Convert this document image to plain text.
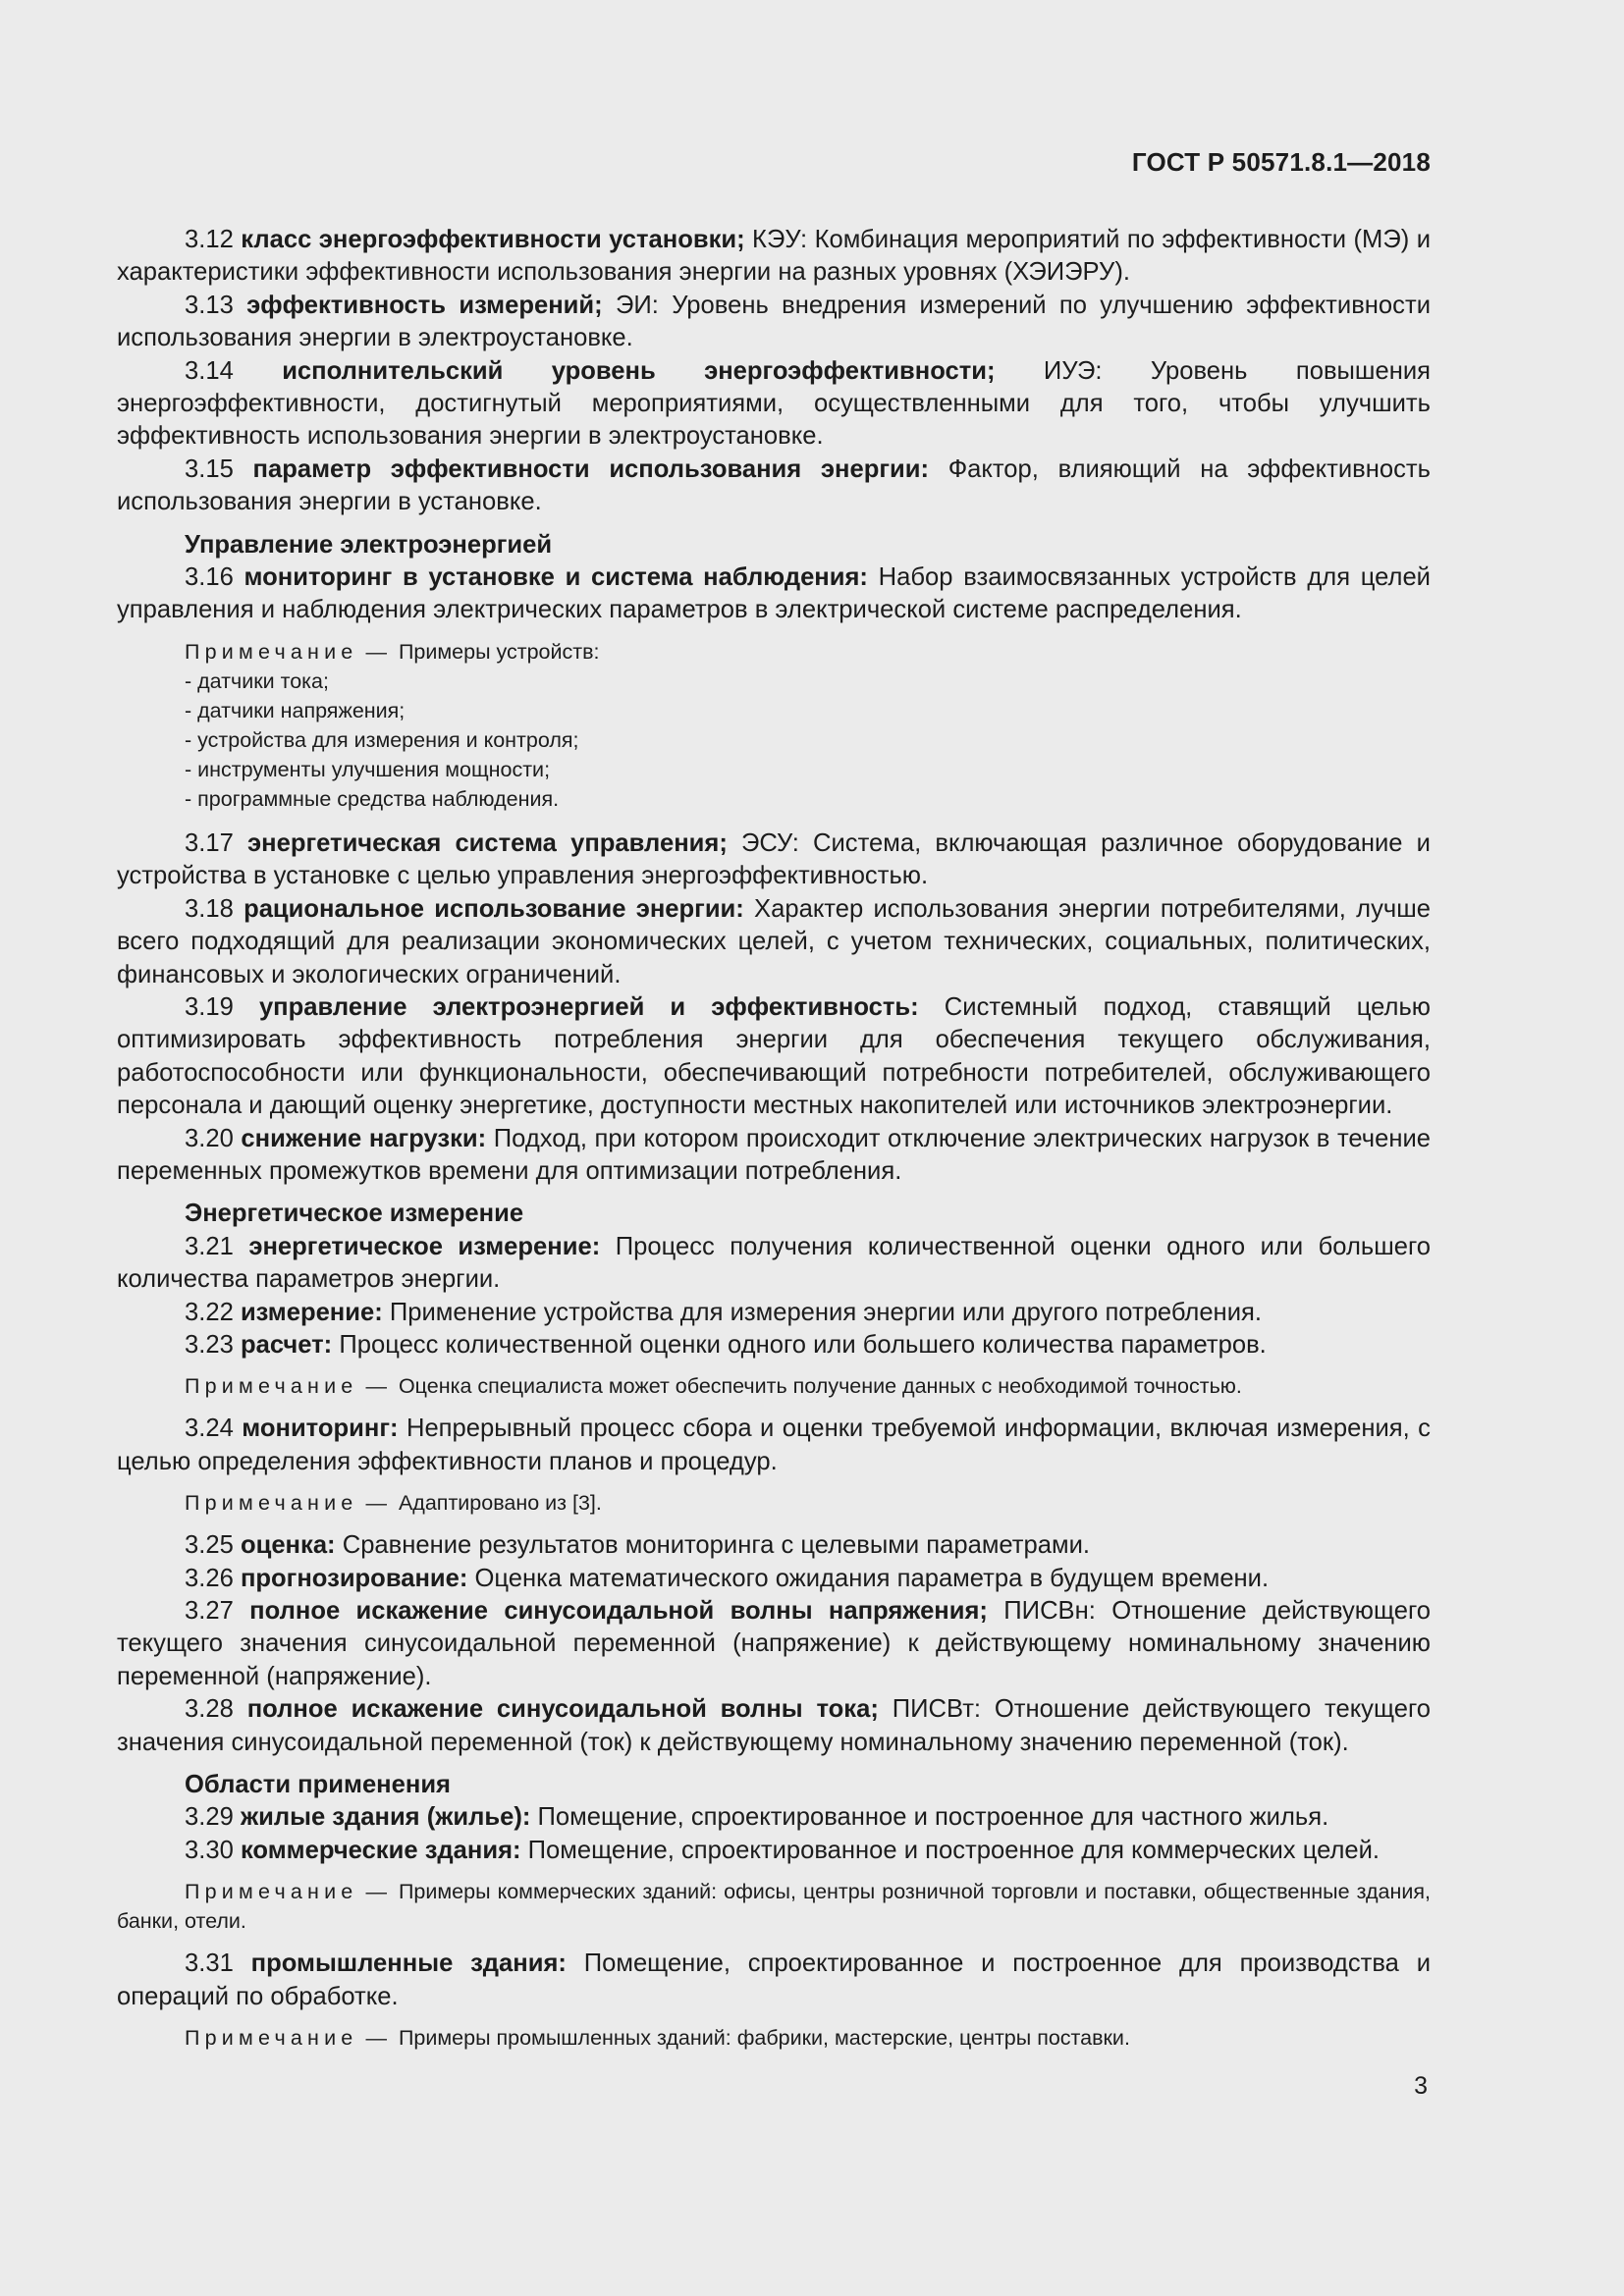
ГОСТ Р 50571.8.1—2018

3.12 класс энергоэффективности установки; КЭУ: Комбинация мероприятий по эффективности (МЭ) и характеристики эффективности использования энергии на разных уровнях (ХЭИЭРУ).

3.13 эффективность измерений; ЭИ: Уровень внедрения измерений по улучшению эффективности использования энергии в электроустановке.

3.14 исполнительский уровень энергоэффективности; ИУЭ: Уровень повышения энергоэффективности, достигнутый мероприятиями, осуществленными для того, чтобы улучшить эффективность использования энергии в электроустановке.

3.15 параметр эффективности использования энергии: Фактор, влияющий на эффективность использования энергии в установке.

Управление электроэнергией

3.16 мониторинг в установке и система наблюдения: Набор взаимосвязанных устройств для целей управления и наблюдения электрических параметров в электрической системе распределения.

Примечание — Примеры устройств:

- датчики тока;
- датчики напряжения;
- устройства для измерения и контроля;
- инструменты улучшения мощности;
- программные средства наблюдения.

3.17 энергетическая система управления; ЭСУ: Система, включающая различное оборудование и устройства в установке с целью управления энергоэффективностью.

3.18 рациональное использование энергии: Характер использования энергии потребителями, лучше всего подходящий для реализации экономических целей, с учетом технических, социальных, политических, финансовых и экологических ограничений.

3.19 управление электроэнергией и эффективность: Системный подход, ставящий целью оптимизировать эффективность потребления энергии для обеспечения текущего обслуживания, работоспособности или функциональности, обеспечивающий потребности потребителей, обслуживающего персонала и дающий оценку энергетике, доступности местных накопителей или источников электроэнергии.

3.20 снижение нагрузки: Подход, при котором происходит отключение электрических нагрузок в течение переменных промежутков времени для оптимизации потребления.

Энергетическое измерение

3.21 энергетическое измерение: Процесс получения количественной оценки одного или большего количества параметров энергии.

3.22 измерение: Применение устройства для измерения энергии или другого потребления.

3.23 расчет: Процесс количественной оценки одного или большего количества параметров.

Примечание — Оценка специалиста может обеспечить получение данных с необходимой точностью.

3.24 мониторинг: Непрерывный процесс сбора и оценки требуемой информации, включая измерения, с целью определения эффективности планов и процедур.

Примечание — Адаптировано из [3].

3.25 оценка: Сравнение результатов мониторинга с целевыми параметрами.

3.26 прогнозирование: Оценка математического ожидания параметра в будущем времени.

3.27 полное искажение синусоидальной волны напряжения; ПИСВн: Отношение действующего текущего значения синусоидальной переменной (напряжение) к действующему номинальному значению переменной (напряжение).

3.28 полное искажение синусоидальной волны тока; ПИСВт: Отношение действующего текущего значения синусоидальной переменной (ток) к действующему номинальному значению переменной (ток).

Области применения

3.29 жилые здания (жилье): Помещение, спроектированное и построенное для частного жилья.

3.30 коммерческие здания: Помещение, спроектированное и построенное для коммерческих целей.

Примечание — Примеры коммерческих зданий: офисы, центры розничной торговли и поставки, общественные здания, банки, отели.

3.31 промышленные здания: Помещение, спроектированное и построенное для производства и операций по обработке.

Примечание — Примеры промышленных зданий: фабрики, мастерские, центры поставки.

3
